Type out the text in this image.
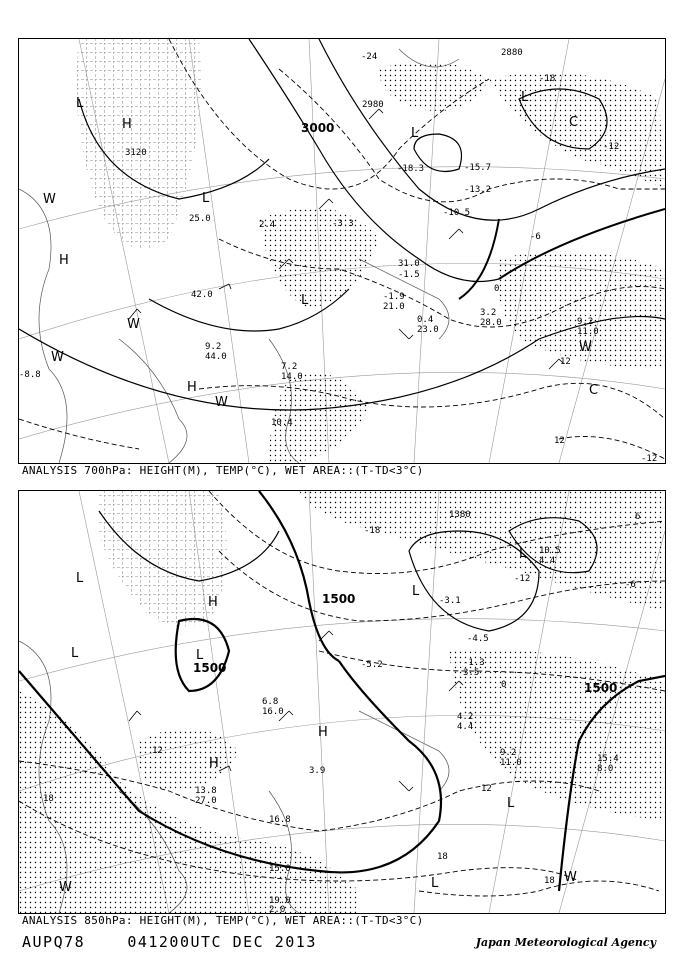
3000
2980
2880
3120
-24
-18
-12
-6
0
12
12
-12
L
H
L
L
H
H
L
L
C
C
W
W
W
W
W
-13.2
-15.7
-18.3
-10.5
2.4	-3.3
-1.5
31.0
3.2
28.0	9.2
11.0
7.2
14.0
10.4
-8.8
42.0	-1.9
21.0
0.4
23.0
9.2
44.0
25.0
ANALYSIS 700hPa: HEIGHT(M), TEMP(°C), WET AREA::(T-TD<3°C)
1500
1500
1500
1380
-18
-12
-6
0
6
12
12
18
18
18
L
H
L
L	L
H
H
L
L
L
W
W
10.5
4.4
-3.1
-4.5
-1.3
3.5
4.2
4.4
-5.2
3.9
9.2
11.0	15.4
8.0
13.8
27.0
16.8
15.0
19.0
2.0
6.8
16.0
ANALYSIS 850hPa: HEIGHT(M), TEMP(°C), WET AREA::(T-TD<3°C)
AUPQ78	041200UTC DEC 2013	Japan Meteorological Agency
